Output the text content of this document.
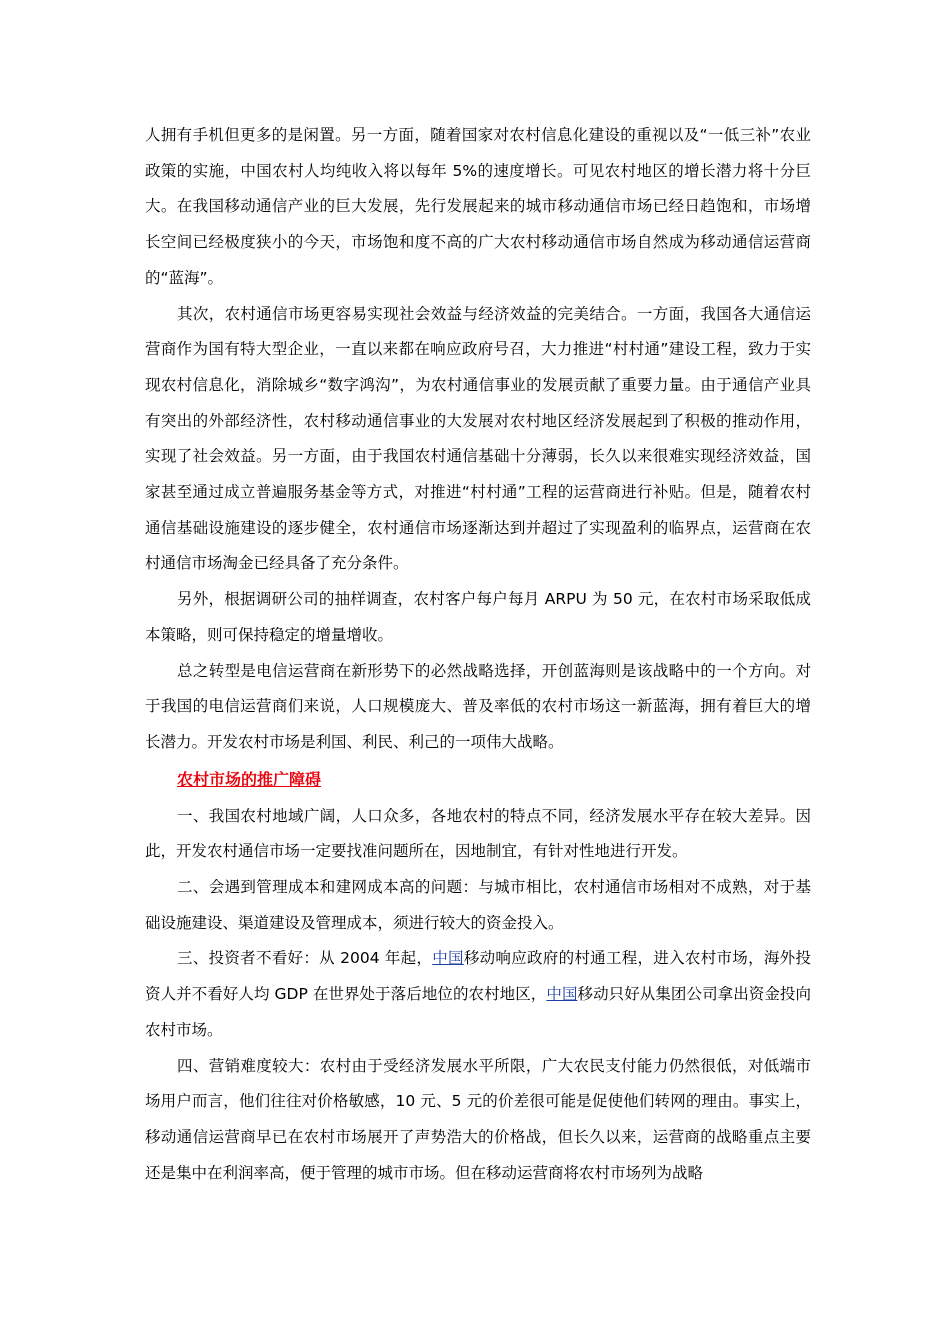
人拥有手机但更多的是闲置。另一方面，随着国家对农村信息化建设的重视以及“一低三补”农业政策的实施，中国农村人均纯收入将以每年 5%的速度增长。可见农村地区的增长潜力将十分巨大。在我国移动通信产业的巨大发展，先行发展起来的城市移动通信市场已经日趋饱和，市场增长空间已经极度狭小的今天，市场饱和度不高的广大农村移动通信市场自然成为移动通信运营商的“蓝海”。

其次，农村通信市场更容易实现社会效益与经济效益的完美结合。一方面，我国各大通信运营商作为国有特大型企业，一直以来都在响应政府号召，大力推进“村村通”建设工程，致力于实现农村信息化，消除城乡“数字鸿沟”，为农村通信事业的发展贡献了重要力量。由于通信产业具有突出的外部经济性，农村移动通信事业的大发展对农村地区经济发展起到了积极的推动作用，实现了社会效益。另一方面，由于我国农村通信基础十分薄弱，长久以来很难实现经济效益，国家甚至通过成立普遍服务基金等方式，对推进“村村通”工程的运营商进行补贴。但是，随着农村通信基础设施建设的逐步健全，农村通信市场逐渐达到并超过了实现盈利的临界点，运营商在农村通信市场淘金已经具备了充分条件。

另外，根据调研公司的抽样调查，农村客户每户每月 ARPU 为 50 元，在农村市场采取低成本策略，则可保持稳定的增量增收。

总之转型是电信运营商在新形势下的必然战略选择，开创蓝海则是该战略中的一个方向。对于我国的电信运营商们来说，人口规模庞大、普及率低的农村市场这一新蓝海，拥有着巨大的增长潜力。开发农村市场是利国、利民、利己的一项伟大战略。

农村市场的推广障碍

一、我国农村地域广阔，人口众多，各地农村的特点不同，经济发展水平存在较大差异。因此，开发农村通信市场一定要找准问题所在，因地制宜，有针对性地进行开发。

二、会遇到管理成本和建网成本高的问题：与城市相比，农村通信市场相对不成熟，对于基础设施建设、渠道建设及管理成本，须进行较大的资金投入。

三、投资者不看好：从 2004 年起，中国移动响应政府的村通工程，进入农村市场，海外投资人并不看好人均 GDP 在世界处于落后地位的农村地区，中国移动只好从集团公司拿出资金投向农村市场。

四、营销难度较大：农村由于受经济发展水平所限，广大农民支付能力仍然很低，对低端市场用户而言，他们往往对价格敏感，10 元、5 元的价差很可能是促使他们转网的理由。事实上，移动通信运营商早已在农村市场展开了声势浩大的价格战，但长久以来，运营商的战略重点主要还是集中在利润率高，便于管理的城市市场。但在移动运营商将农村市场列为战略
